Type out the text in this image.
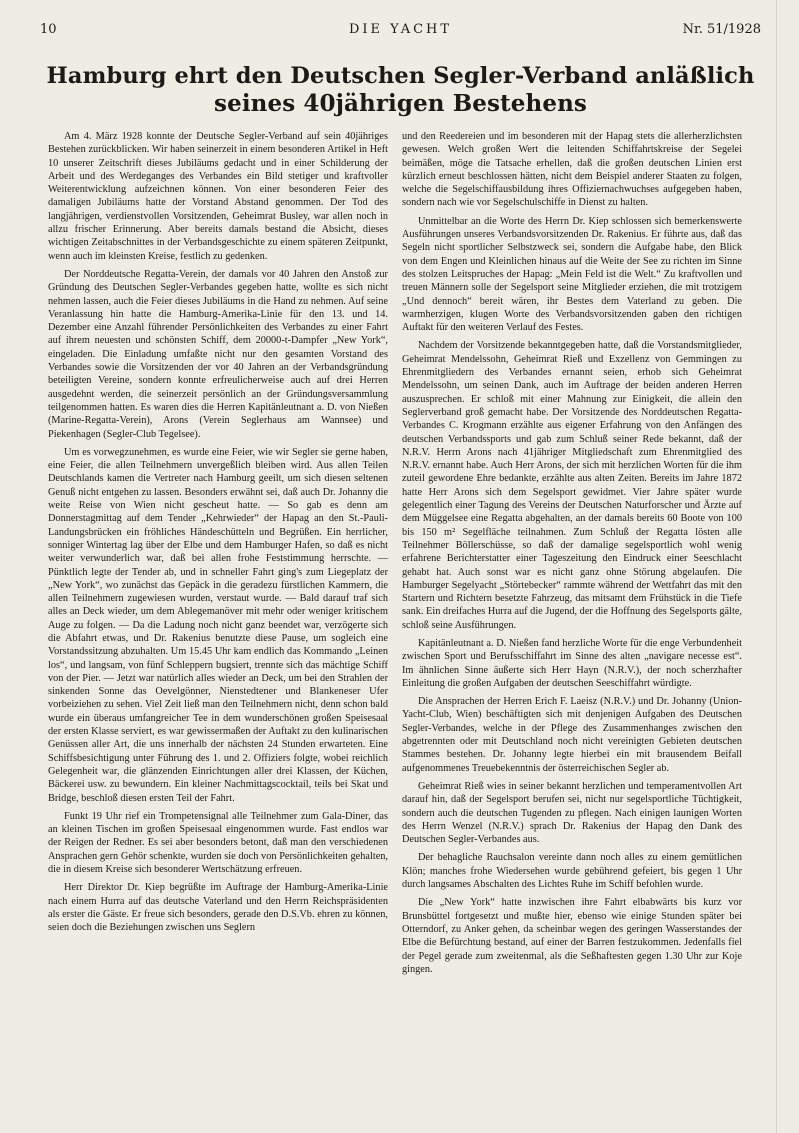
DIE YACHT
10	Nr. 51/1928
Hamburg ehrt den Deutschen Segler-Verband anläßlich
seines 40jährigen Bestehens

Am 4. März 1928 konnte der Deutsche Segler-Verband auf sein 40jähriges Bestehen zurückblicken. Wir haben seinerzeit in einem besonderen Artikel in Heft 10 unserer Zeitschrift dieses Jubiläums gedacht und in einer Schilderung der Arbeit und des Werdeganges des Verbandes ein Bild stetiger und kraftvoller Weiterentwicklung aufzeichnen können. Von einer besonderen Feier des damaligen Jubiläums hatte der Vorstand Abstand genommen. Der Tod des langjährigen, verdienstvollen Vorsitzenden, Geheimrat Busley, war allen noch in allzu frischer Erinnerung. Aber bereits damals bestand die Absicht, dieses wichtigen Zeitabschnittes in der Verbandsgeschichte zu einem späteren Zeitpunkt, wenn auch im kleinsten Kreise, festlich zu gedenken.

Der Norddeutsche Regatta-Verein, der damals vor 40 Jahren den Anstoß zur Gründung des Deutschen Segler-Verbandes gegeben hatte, wollte es sich nicht nehmen lassen, auch die Feier dieses Jubiläums in die Hand zu nehmen. Auf seine Veranlassung hin hatte die Hamburg-Amerika-Linie für den 13. und 14. Dezember eine Anzahl führender Persönlichkeiten des Verbandes zu einer Fahrt auf ihrem neuesten und schönsten Schiff, dem 20000-t-Dampfer „New York“, eingeladen. Die Einladung umfaßte nicht nur den gesamten Vorstand des Verbandes sowie die Vorsitzenden der vor 40 Jahren an der Verbandsgründung beteiligten Vereine, sondern konnte erfreulicherweise auch auf drei Herren ausgedehnt werden, die seinerzeit persönlich an der Gründungsversammlung teilgenommen hatten. Es waren dies die Herren Kapitänleutnant a. D. von Nießen (Marine-Regatta-Verein), Arons (Verein Seglerhaus am Wannsee) und Piekenhagen (Segler-Club Tegelsee).

Um es vorwegzunehmen, es wurde eine Feier, wie wir Segler sie gerne haben, eine Feier, die allen Teilnehmern unvergeßlich bleiben wird. Aus allen Teilen Deutschlands kamen die Vertreter nach Hamburg geeilt, um sich diesen seltenen Genuß nicht entgehen zu lassen. Besonders erwähnt sei, daß auch Dr. Johanny die weite Reise von Wien nicht gescheut hatte. — So gab es denn am Donnerstagmittag auf dem Tender „Kehrwieder“ der Hapag an den St.-Pauli-Landungsbrücken ein fröhliches Händeschütteln und Begrüßen. Ein herrlicher, sonniger Wintertag lag über der Elbe und dem Hamburger Hafen, so daß es nicht weiter verwunderlich war, daß bei allen frohe Feststimmung herrschte. — Pünktlich legte der Tender ab, und in schneller Fahrt ging's zum Liegeplatz der „New York“, wo zunächst das Gepäck in die geradezu fürstlichen Kammern, die allen Teilnehmern zugewiesen wurden, verstaut wurde. — Bald darauf traf sich alles an Deck wieder, um dem Ablegemanöver mit mehr oder weniger kritischem Auge zu folgen. — Da die Ladung noch nicht ganz beendet war, verzögerte sich die Abfahrt etwas, und Dr. Rakenius benutzte diese Pause, um sogleich eine Vorstandssitzung abzuhalten. Um 15.45 Uhr kam endlich das Kommando „Leinen los“, und langsam, von fünf Schleppern bugsiert, trennte sich das mächtige Schiff von der Pier. — Jetzt war natürlich alles wieder an Deck, um bei den Strahlen der sinkenden Sonne das Oevelgönner, Nienstedtener und Blankeneser Ufer vorbeiziehen zu sehen. Viel Zeit ließ man den Teilnehmern nicht, denn schon bald wurde ein überaus umfangreicher Tee in dem wunderschönen großen Speisesaal der ersten Klasse serviert, es war gewissermaßen der Auftakt zu den kulinarischen Genüssen aller Art, die uns innerhalb der nächsten 24 Stunden erwarteten. Eine Schiffsbesichtigung unter Führung des 1. und 2. Offiziers folgte, wobei reichlich Gelegenheit war, die glänzenden Einrichtungen aller drei Klassen, der Küchen, Bäckerei usw. zu bewundern. Ein kleiner Nachmittagscocktail, teils bei Skat und Bridge, beschloß diesen ersten Teil der Fahrt.

Funkt 19 Uhr rief ein Trompetensignal alle Teilnehmer zum Gala-Diner, das an kleinen Tischen im großen Speisesaal eingenommen wurde. Fast endlos war der Reigen der Redner. Es sei aber besonders betont, daß man den verschiedenen Ansprachen gern Gehör schenkte, wurden sie doch von Persönlichkeiten gehalten, die in diesem Kreise sich besonderer Wertschätzung erfreuen.

Herr Direktor Dr. Kiep begrüßte im Auftrage der Hamburg-Amerika-Linie nach einem Hurra auf das deutsche Vaterland und den Herrn Reichspräsidenten als erster die Gäste. Er freue sich besonders, gerade den D.S.Vb. ehren zu können, seien doch die Beziehungen zwischen uns Seglern

und den Reedereien und im besonderen mit der Hapag stets die allerherzlichsten gewesen. Welch großen Wert die leitenden Schiffahrtskreise der Segelei beimäßen, möge die Tatsache erhellen, daß die großen deutschen Linien erst kürzlich erneut beschlossen hätten, nicht dem Beispiel anderer Staaten zu folgen, welche die Segelschiffausbildung ihres Offiziernachwuchses aufgegeben haben, sondern nach wie vor Segelschulschiffe in Dienst zu halten.

Unmittelbar an die Worte des Herrn Dr. Kiep schlossen sich bemerkenswerte Ausführungen unseres Verbandsvorsitzenden Dr. Rakenius. Er führte aus, daß das Segeln nicht sportlicher Selbstzweck sei, sondern die Aufgabe habe, den Blick von dem Engen und Kleinlichen hinaus auf die Weite der See zu richten im Sinne des stolzen Leitspruches der Hapag: „Mein Feld ist die Welt.“ Zu kraftvollen und treuen Männern solle der Segelsport seine Mitglieder erziehen, die mit trotzigem „Und dennoch“ bereit wären, ihr Bestes dem Vaterland zu geben. Die warmherzigen, klugen Worte des Verbandsvorsitzenden gaben den richtigen Auftakt für den weiteren Verlauf des Festes.

Nachdem der Vorsitzende bekanntgegeben hatte, daß die Vorstandsmitglieder, Geheimrat Mendelssohn, Geheimrat Rieß und Exzellenz von Gemmingen zu Ehrenmitgliedern des Verbandes ernannt seien, erhob sich Geheimrat Mendelssohn, um seinen Dank, auch im Auftrage der beiden anderen Herren auszusprechen. Er schloß mit einer Mahnung zur Einigkeit, die allein den Seglerverband groß gemacht habe. Der Vorsitzende des Norddeutschen Regatta-Verbandes C. Krogmann erzählte aus eigener Erfahrung von den Anfängen des deutschen Verbandssports und gab zum Schluß seiner Rede bekannt, daß der N.R.V. Herrn Arons nach 41jähriger Mitgliedschaft zum Ehrenmitglied des N.R.V. ernannt habe. Auch Herr Arons, der sich mit herzlichen Worten für die ihm zuteil gewordene Ehre bedankte, erzählte aus alten Zeiten. Bereits im Jahre 1872 hatte Herr Arons sich dem Segelsport gewidmet. Vier Jahre später wurde gelegentlich einer Tagung des Vereins der Deutschen Naturforscher und Ärzte auf dem Müggelsee eine Regatta abgehalten, an der damals bereits 60 Boote von 100 bis 150 m² Segelfläche teilnahmen. Zum Schluß der Regatta lösten alle Teilnehmer Böllerschüsse, so daß der damalige segelsportlich wohl wenig erfahrene Berichterstatter einer Tageszeitung den Eindruck einer Seeschlacht gehabt hat. Auch sonst war es nicht ganz ohne Störung abgelaufen. Die Hamburger Segelyacht „Störtebecker“ rammte während der Wettfahrt das mit den Startern und Richtern besetzte Fahrzeug, das mitsamt dem Frühstück in die Tiefe sank. Ein dreifaches Hurra auf die Jugend, der die Hoffnung des Segelsports gälte, schloß seine Ausführungen.

Kapitänleutnant a. D. Nießen fand herzliche Worte für die enge Verbundenheit zwischen Sport und Berufsschiffahrt im Sinne des alten „navigare necesse est“. Im ähnlichen Sinne äußerte sich Herr Hayn (N.R.V.), der noch scherzhafter Einleitung die großen Aufgaben der deutschen Seeschiffahrt würdigte.

Die Ansprachen der Herren Erich F. Laeisz (N.R.V.) und Dr. Johanny (Union-Yacht-Club, Wien) beschäftigten sich mit denjenigen Aufgaben des Deutschen Segler-Verbandes, welche in der Pflege des Zusammenhanges zwischen den abgetrennten oder mit Deutschland noch nicht vereinigten Gebieten deutschen Stammes bestehen. Dr. Johanny legte hierbei ein mit brausendem Beifall aufgenommenes Treuebekenntnis der österreichischen Segler ab.

Geheimrat Rieß wies in seiner bekannt herzlichen und temperamentvollen Art darauf hin, daß der Segelsport berufen sei, nicht nur segelsportliche Tüchtigkeit, sondern auch die deutschen Tugenden zu pflegen. Nach einigen launigen Worten des Herrn Wenzel (N.R.V.) sprach Dr. Rakenius der Hapag den Dank des Deutschen Segler-Verbandes aus.

Der behagliche Rauchsalon vereinte dann noch alles zu einem gemütlichen Klön; manches frohe Wiedersehen wurde gebührend gefeiert, bis gegen 1 Uhr durch langsames Abschalten des Lichtes Ruhe im Schiff befohlen wurde.

Die „New York“ hatte inzwischen ihre Fahrt elbabwärts bis kurz vor Brunsbüttel fortgesetzt und mußte hier, ebenso wie einige Stunden später bei Otterndorf, zu Anker gehen, da scheinbar wegen des geringen Wasserstandes der Elbe die Befürchtung bestand, auf einer der Barren festzukommen. Jedenfalls fiel der Pegel gerade zum zweitenmal, als die Seßhaftesten gegen 1.30 Uhr zur Koje gingen.
